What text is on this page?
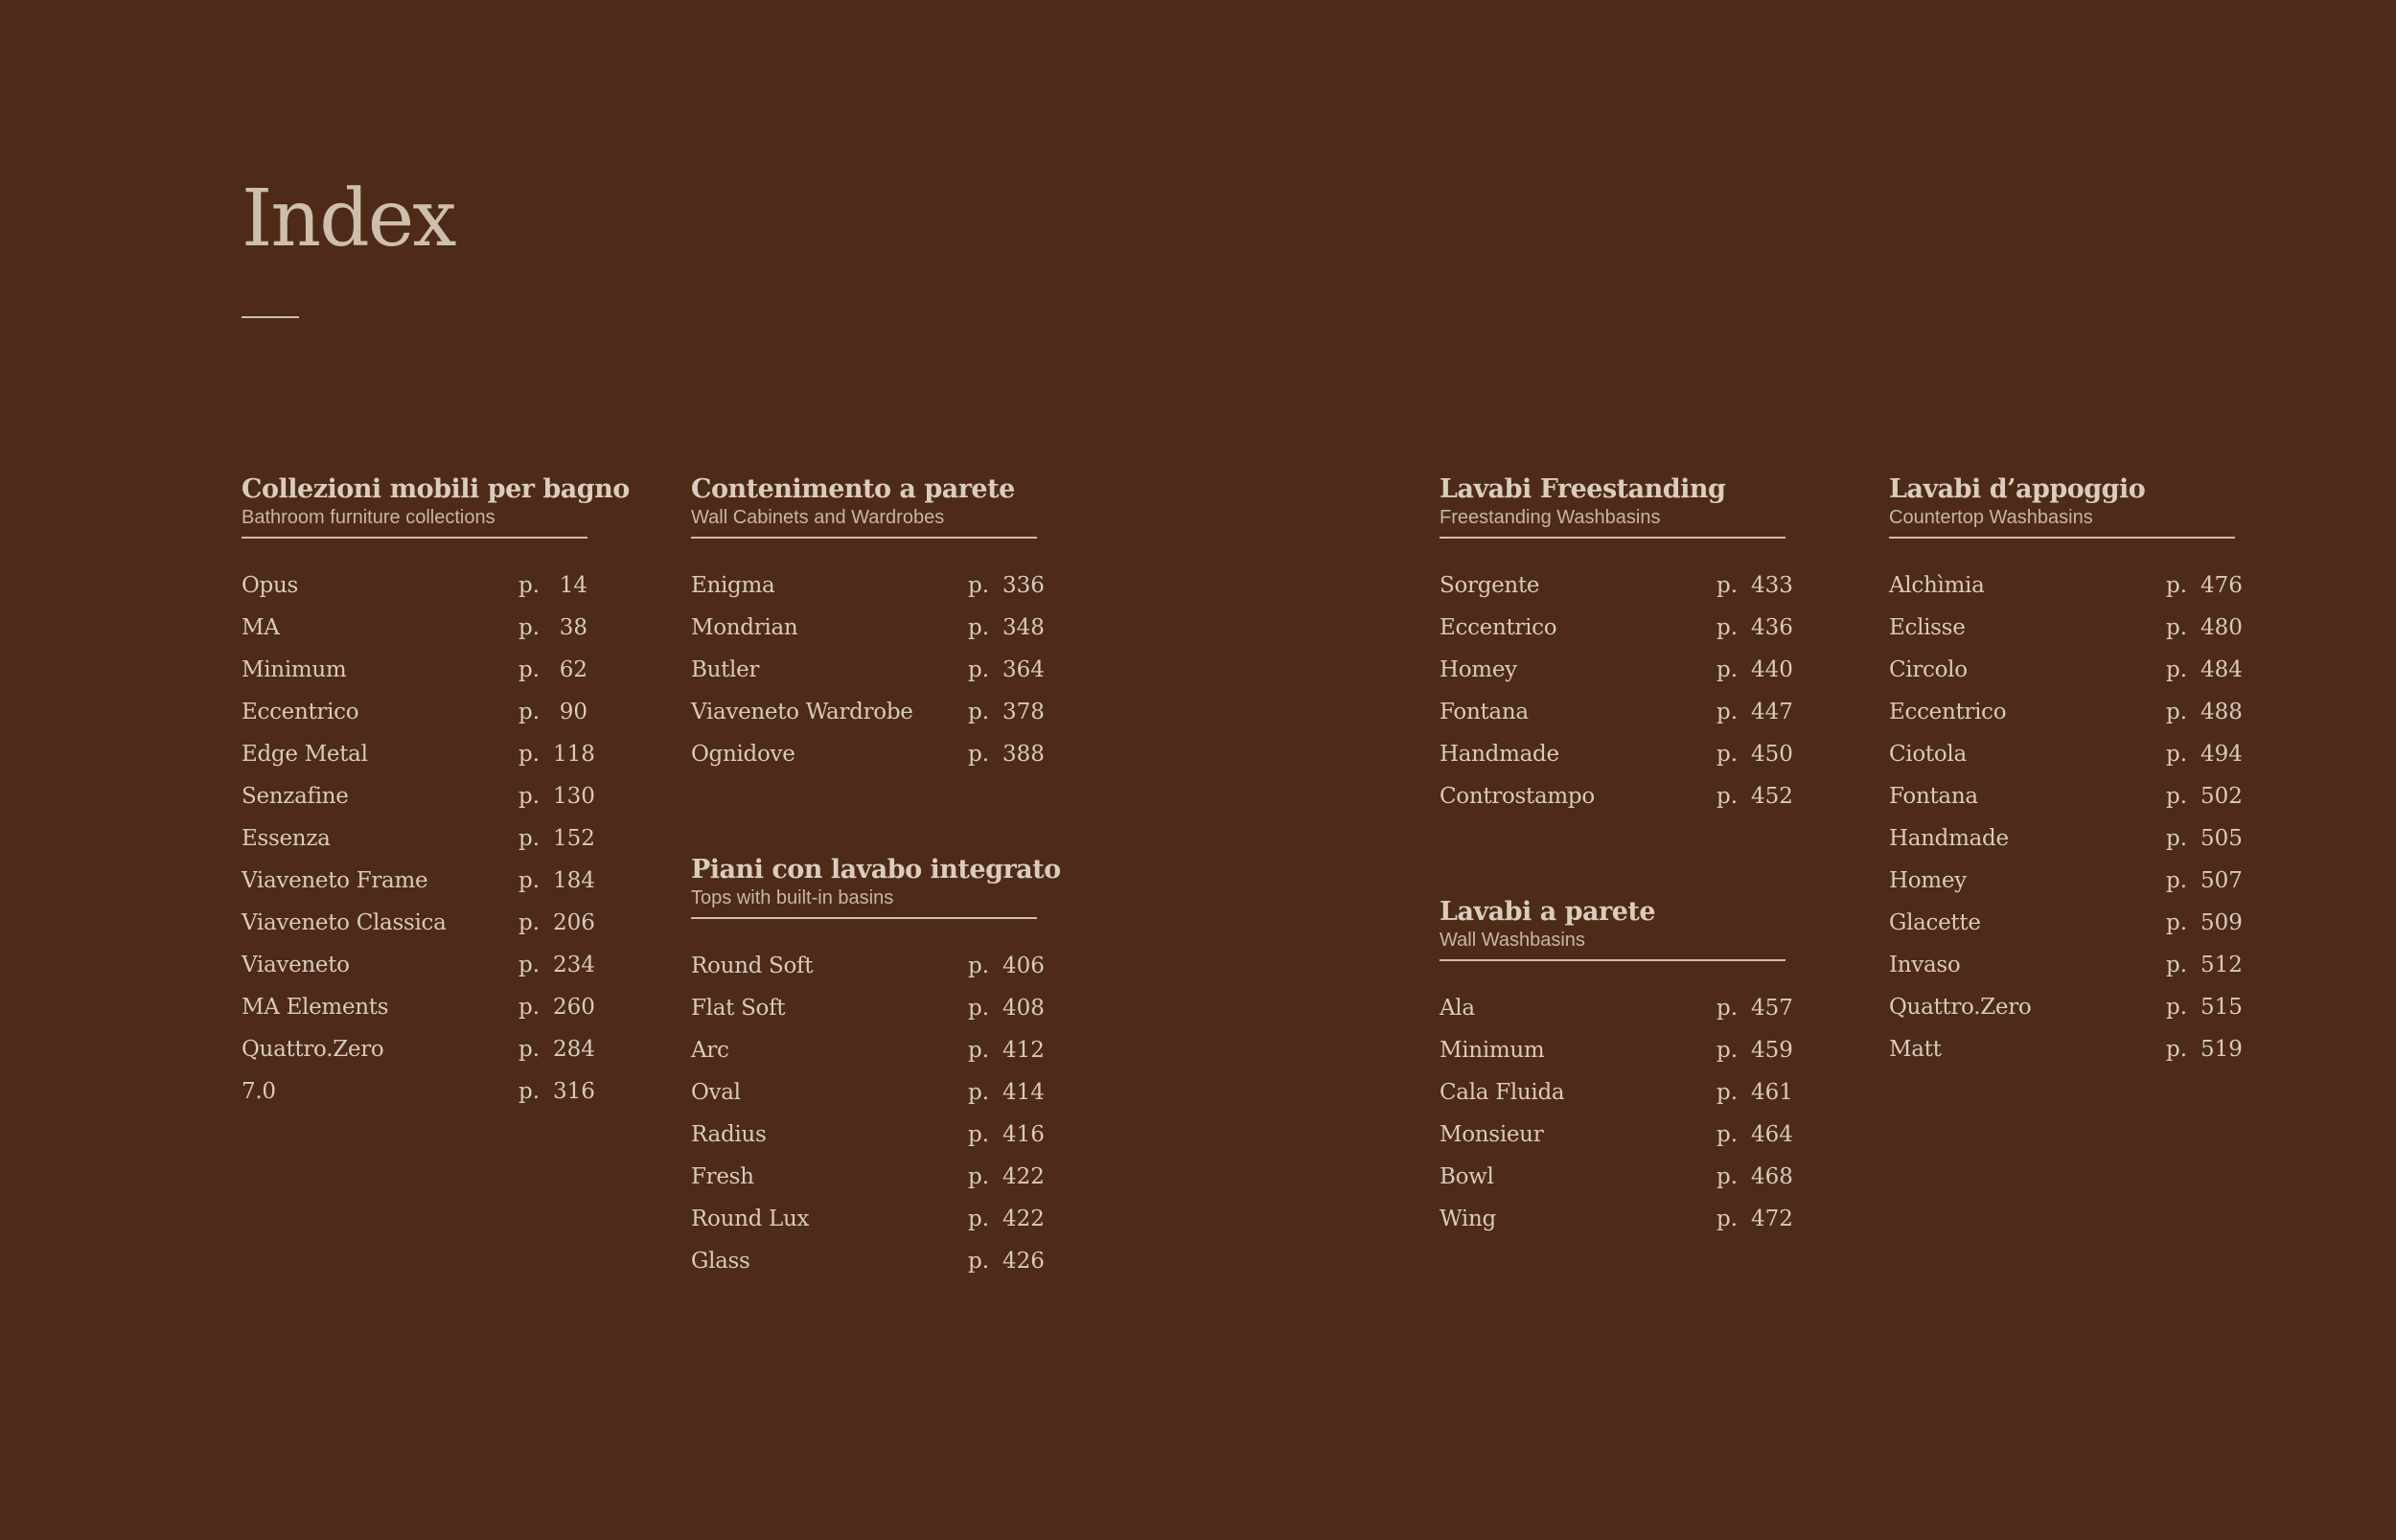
Index
Collezioni mobili per bagno
Bathroom furniture collections
Opus	p. 14
MA	p. 38
Minimum	p. 62
Eccentrico	p. 90
Edge Metal	p. 118
Senzafine	p. 130
Essenza	p. 152
Viaveneto Frame	p. 184
Viaveneto Classica	p. 206
Viaveneto	p. 234
MA Elements	p. 260
Quattro.Zero	p. 284
7.0	p. 316
Contenimento a parete
Wall Cabinets and Wardrobes
Enigma	p. 336
Mondrian	p. 348
Butler	p. 364
Viaveneto Wardrobe	p. 378
Ognidove	p. 388
Piani con lavabo integrato
Tops with built-in basins
Round Soft	p. 406
Flat Soft	p. 408
Arc	p. 412
Oval	p. 414
Radius	p. 416
Fresh	p. 422
Round Lux	p. 422
Glass	p. 426
Lavabi Freestanding
Freestanding Washbasins
Sorgente	p. 433
Eccentrico	p. 436
Homey	p. 440
Fontana	p. 447
Handmade	p. 450
Controstampo	p. 452
Lavabi a parete
Wall Washbasins
Ala	p. 457
Minimum	p. 459
Cala Fluida	p. 461
Monsieur	p. 464
Bowl	p. 468
Wing	p. 472
Lavabi d’appoggio
Countertop Washbasins
Alchìmia	p. 476
Eclisse	p. 480
Circolo	p. 484
Eccentrico	p. 488
Ciotola	p. 494
Fontana	p. 502
Handmade	p. 505
Homey	p. 507
Glacette	p. 509
Invaso	p. 512
Quattro.Zero	p. 515
Matt	p. 519
